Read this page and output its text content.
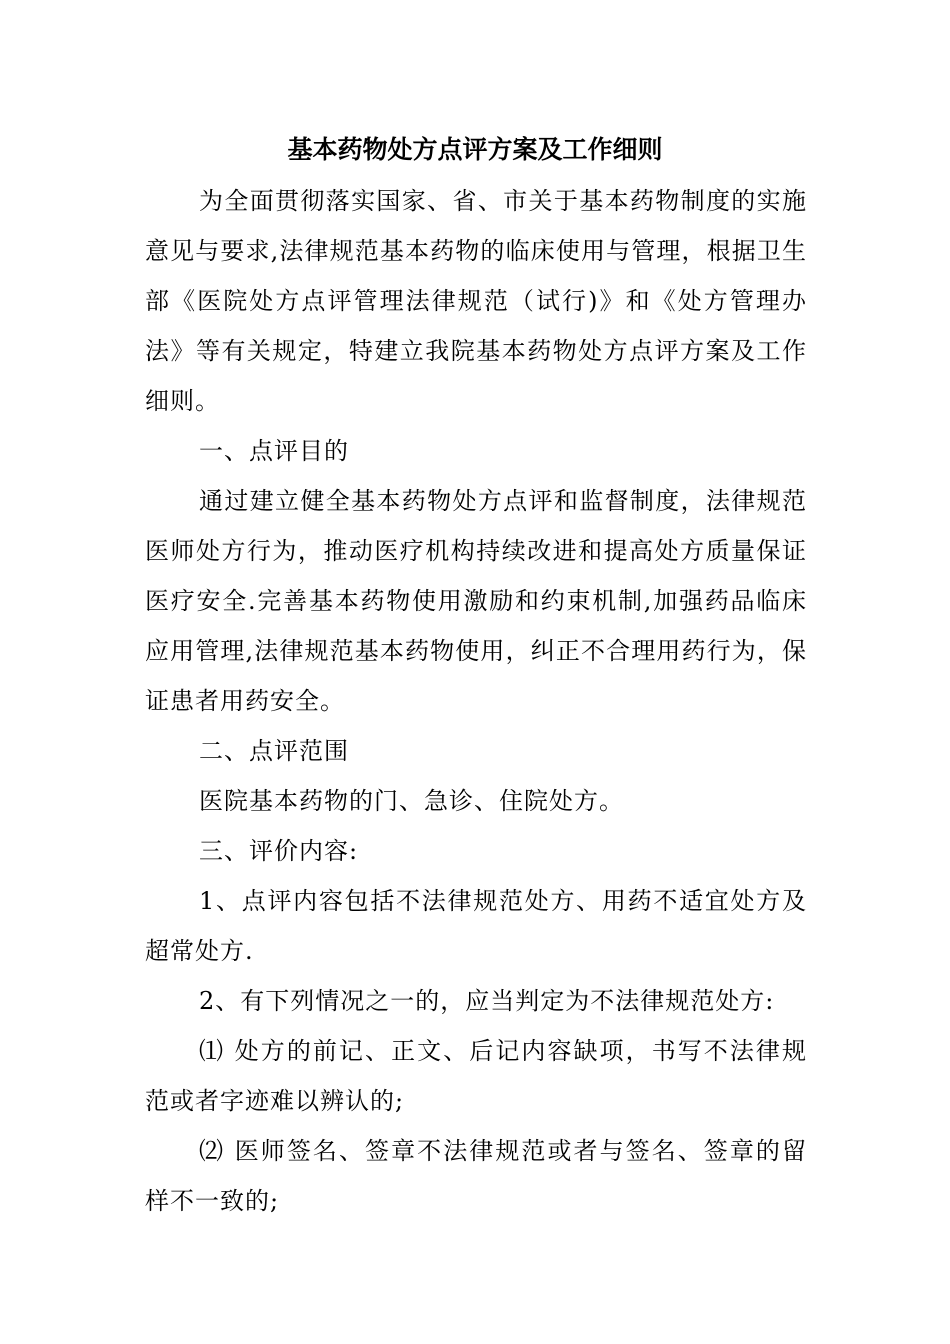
基本药物处方点评方案及工作细则

为全面贯彻落实国家、省、市关于基本药物制度的实施意见与要求,法律规范基本药物的临床使用与管理，根据卫生部《医院处方点评管理法律规范（试行)》和《处方管理办法》等有关规定，特建立我院基本药物处方点评方案及工作细则。

一、点评目的

通过建立健全基本药物处方点评和监督制度，法律规范医师处方行为，推动医疗机构持续改进和提高处方质量保证医疗安全.完善基本药物使用激励和约束机制,加强药品临床应用管理,法律规范基本药物使用，纠正不合理用药行为，保证患者用药安全。

二、点评范围

医院基本药物的门、急诊、住院处方。

三、评价内容:

1、点评内容包括不法律规范处方、用药不适宜处方及超常处方.

2、有下列情况之一的，应当判定为不法律规范处方:

⑴ 处方的前记、正文、后记内容缺项，书写不法律规范或者字迹难以辨认的;

⑵ 医师签名、签章不法律规范或者与签名、签章的留样不一致的;
